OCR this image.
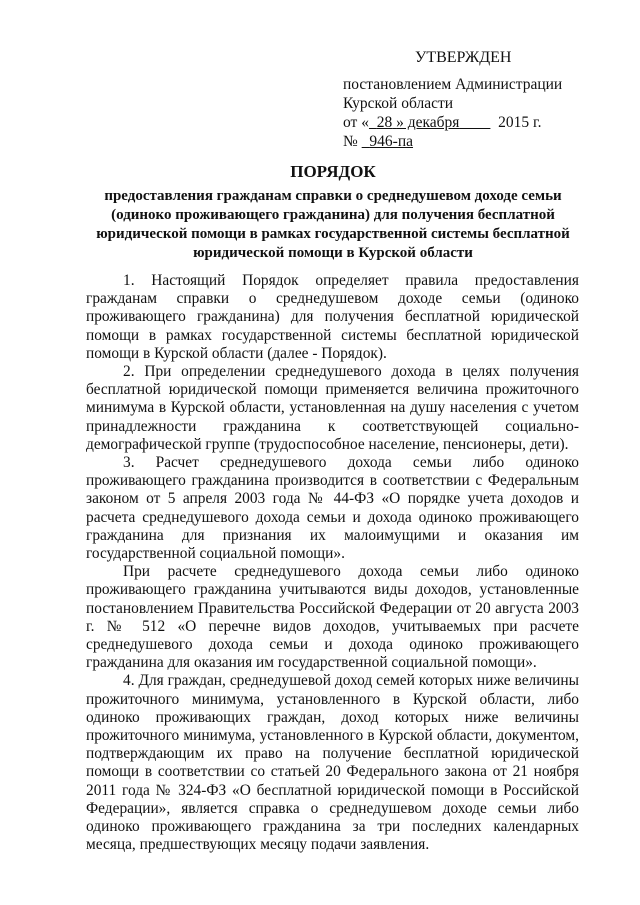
УТВЕРЖДЕН
постановлением Администрации
Курской области
от « 28 » декабря	2015 г.
№ 946-па
ПОРЯДОК
предоставления гражданам справки о среднедушевом доходе семьи (одиноко проживающего гражданина) для получения бесплатной юридической помощи в рамках государственной системы бесплатной юридической помощи в Курской области

1. Настоящий Порядок определяет правила предоставления гражданам справки о среднедушевом доходе семьи (одиноко проживающего гражданина) для получения бесплатной юридической помощи в рамках государственной системы бесплатной юридической помощи в Курской области (далее - Порядок).

2. При определении среднедушевого дохода в целях получения бесплатной юридической помощи применяется величина прожиточного минимума в Курской области, установленная на душу населения с учетом принадлежности гражданина к соответствующей социально-демографической группе (трудоспособное население, пенсионеры, дети).

3. Расчет среднедушевого дохода семьи либо одиноко проживающего гражданина производится в соответствии с Федеральным законом от 5 апреля 2003 года № 44-ФЗ «О порядке учета доходов и расчета среднедушевого дохода семьи и дохода одиноко проживающего гражданина для признания их малоимущими и оказания им государственной социальной помощи».

При расчете среднедушевого дохода семьи либо одиноко проживающего гражданина учитываются виды доходов, установленные постановлением Правительства Российской Федерации от 20 августа 2003 г. № 512 «О перечне видов доходов, учитываемых при расчете среднедушевого дохода семьи и дохода одиноко проживающего гражданина для оказания им государственной социальной помощи».

4. Для граждан, среднедушевой доход семей которых ниже величины прожиточного минимума, установленного в Курской области, либо одиноко проживающих граждан, доход которых ниже величины прожиточного минимума, установленного в Курской области, документом, подтверждающим их право на получение бесплатной юридической помощи в соответствии со статьей 20 Федерального закона от 21 ноября 2011 года № 324-ФЗ «О бесплатной юридической помощи в Российской Федерации», является справка о среднедушевом доходе семьи либо одиноко проживающего гражданина за три последних календарных месяца, предшествующих месяцу подачи заявления.
